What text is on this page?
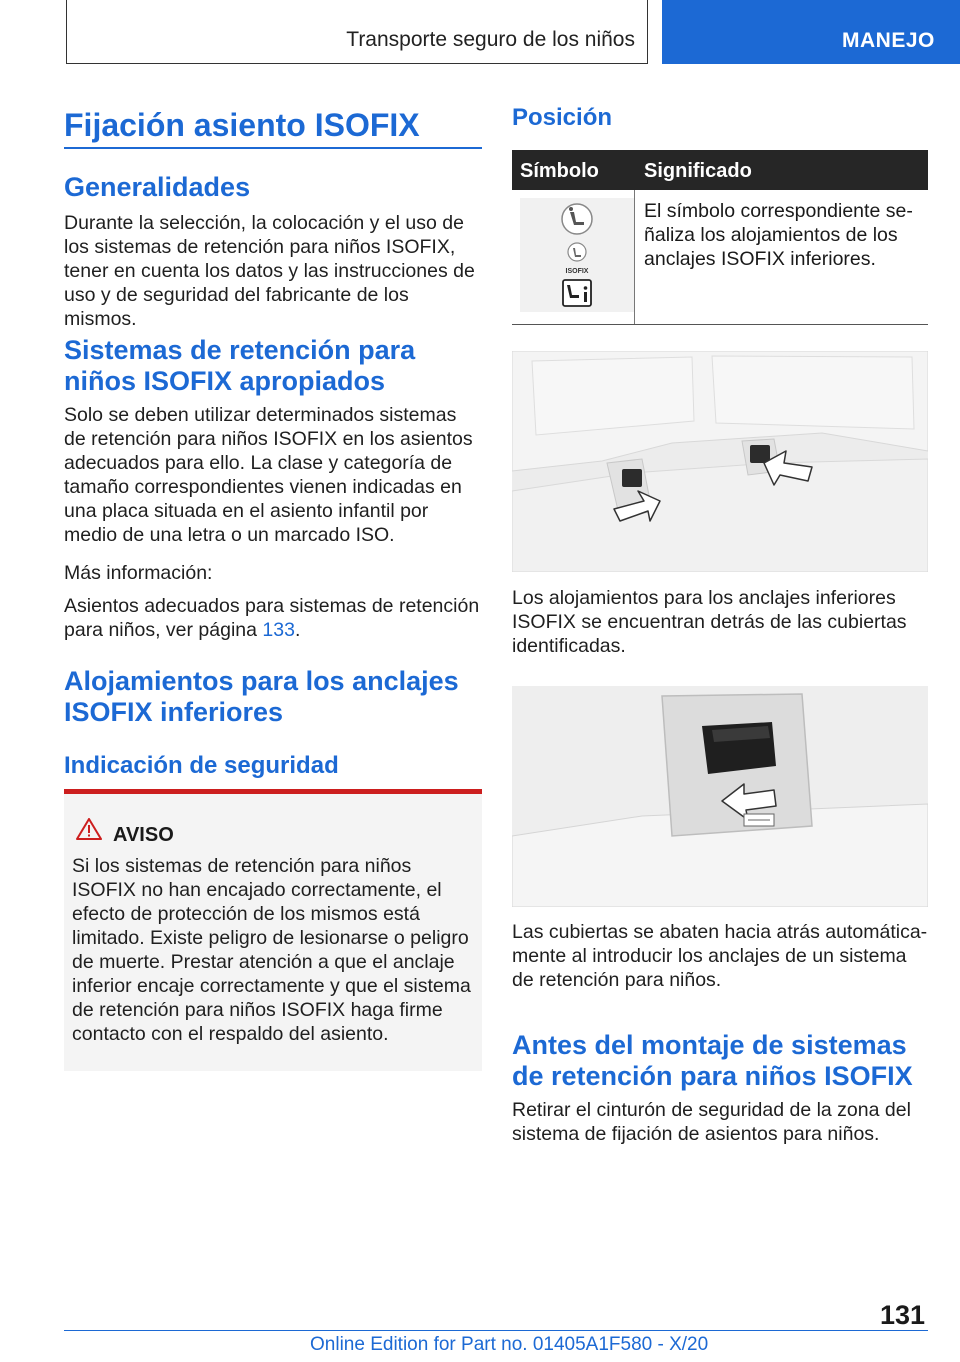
Transporte seguro de los niños	MANEJO
Fijación asiento ISOFIX
Generalidades
Durante la selección, la colocación y el uso de los sistemas de retención para niños ISOFIX, tener en cuenta los datos y las instrucciones de uso y de seguridad del fabricante de los mismos.
Sistemas de retención para niños ISOFIX apropiados
Solo se deben utilizar determinados sistemas de retención para niños ISOFIX en los asientos adecuados para ello. La clase y categoría de tamaño correspondientes vienen indicadas en una placa situada en el asiento infantil por medio de una letra o un marcado ISO.
Más información:
Asientos adecuados para sistemas de retención para niños, ver página 133.
Alojamientos para los anclajes ISOFIX inferiores
Indicación de seguridad
AVISO
Si los sistemas de retención para niños ISOFIX no han encajado correctamente, el efecto de protección de los mismos está limitado. Existe peligro de lesionarse o peligro de muerte. Prestar atención a que el anclaje inferior encaje correctamente y que el sistema de retención para niños ISOFIX haga firme contacto con el respaldo del asiento.
Posición
Símbolo Significado
ISOFIX
El símbolo correspondiente señaliza los alojamientos de los anclajes ISOFIX inferiores.
Los alojamientos para los anclajes inferiores ISOFIX se encuentran detrás de las cubiertas identificadas.
Las cubiertas se abaten hacia atrás automáticamente al introducir los anclajes de un sistema de retención para niños.
Antes del montaje de sistemas de retención para niños ISOFIX
Retirar el cinturón de seguridad de la zona del sistema de fijación de asientos para niños.
131
Online Edition for Part no. 01405A1F580 - X/20
